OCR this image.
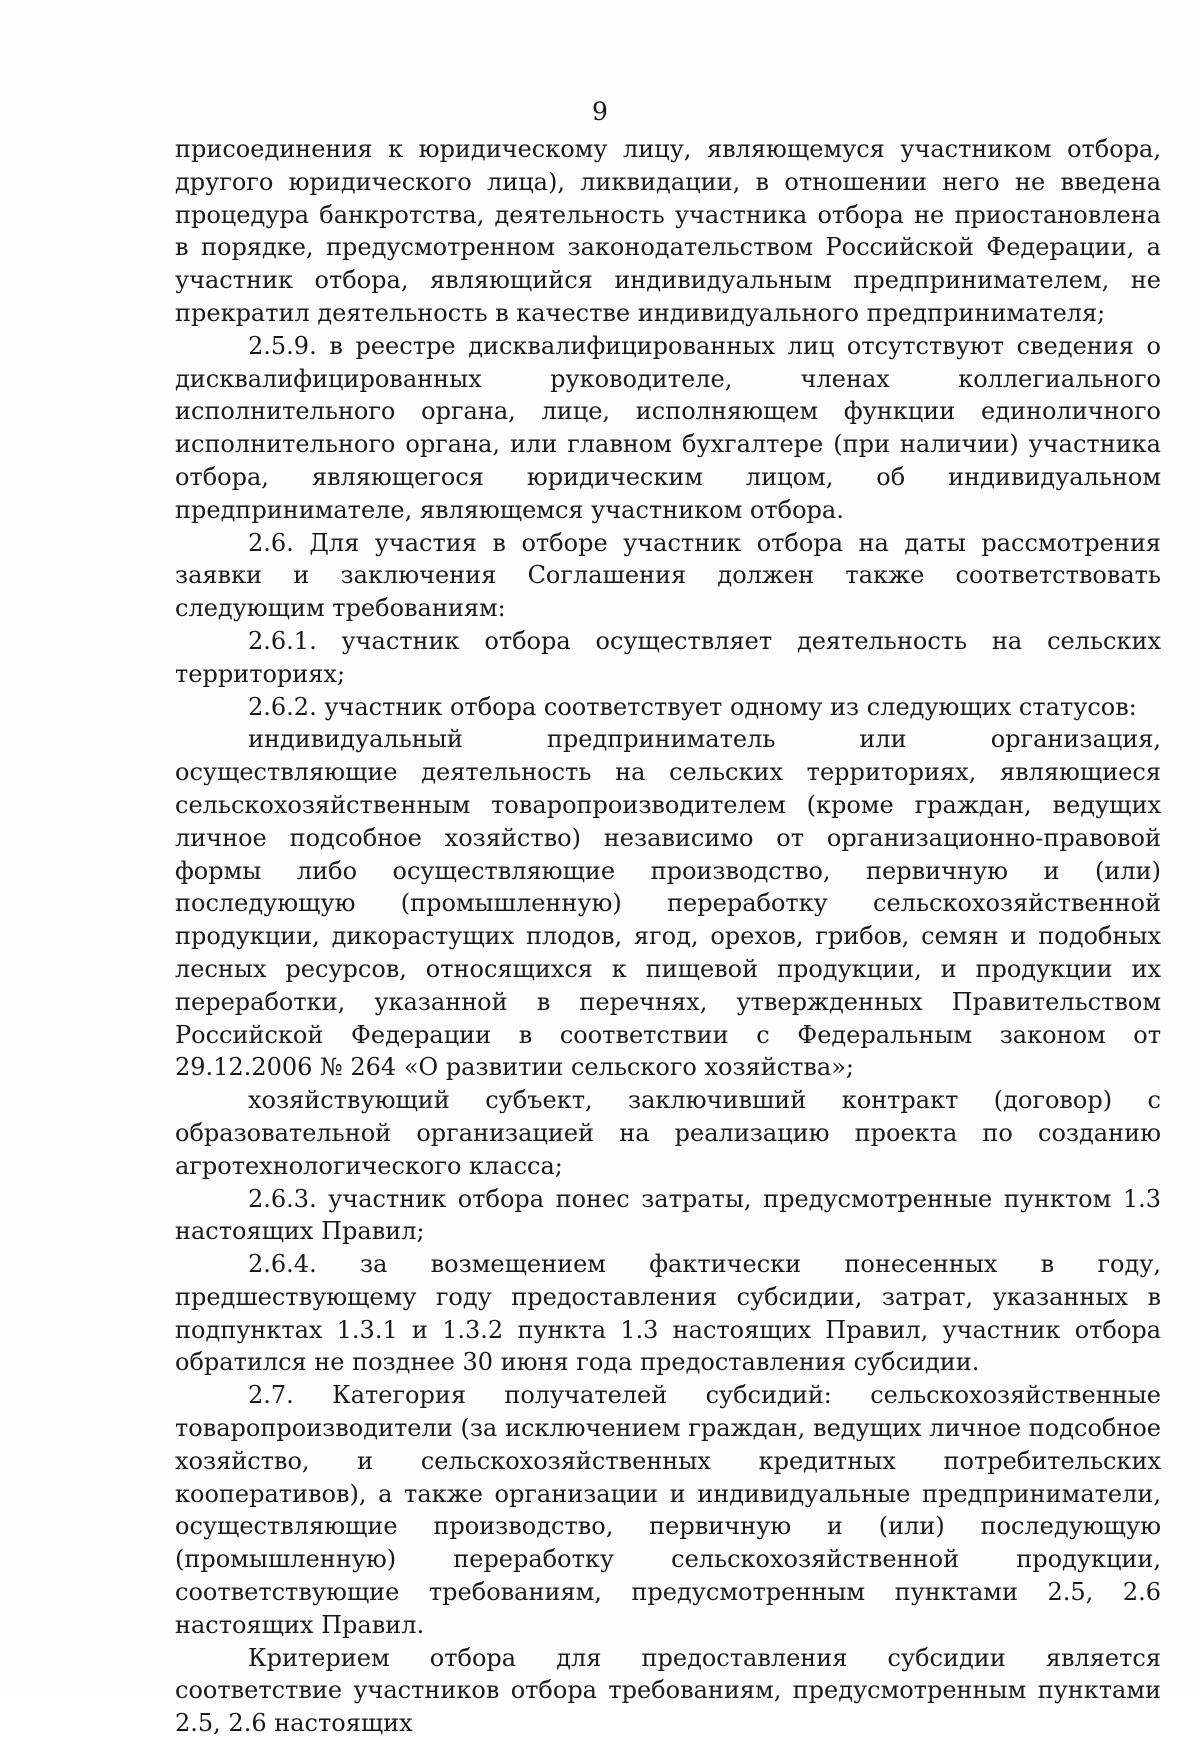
9

присоединения к юридическому лицу, являющемуся участником отбора, другого юридического лица), ликвидации, в отношении него не введена процедура банкротства, деятельность участника отбора не приостановлена в порядке, предусмотренном законодательством Российской Федерации, а участник отбора, являющийся индивидуальным предпринимателем, не прекратил деятельность в качестве индивидуального предпринимателя;

2.5.9. в реестре дисквалифицированных лиц отсутствуют сведения о дисквалифицированных руководителе, членах коллегиального исполнительного органа, лице, исполняющем функции единоличного исполнительного органа, или главном бухгалтере (при наличии) участника отбора, являющегося юридическим лицом, об индивидуальном предпринимателе, являющемся участником отбора.

2.6. Для участия в отборе участник отбора на даты рассмотрения заявки и заключения Соглашения должен также соответствовать следующим требованиям:

2.6.1. участник отбора осуществляет деятельность на сельских территориях;

2.6.2. участник отбора соответствует одному из следующих статусов:

индивидуальный предприниматель или организация, осуществляющие деятельность на сельских территориях, являющиеся сельскохозяйственным товаропроизводителем (кроме граждан, ведущих личное подсобное хозяйство) независимо от организационно-правовой формы либо осуществляющие производство, первичную и (или) последующую (промышленную) переработку сельскохозяйственной продукции, дикорастущих плодов, ягод, орехов, грибов, семян и подобных лесных ресурсов, относящихся к пищевой продукции, и продукции их переработки, указанной в перечнях, утвержденных Правительством Российской Федерации в соответствии с Федеральным законом от 29.12.2006 № 264 «О развитии сельского хозяйства»;

хозяйствующий субъект, заключивший контракт (договор) с образовательной организацией на реализацию проекта по созданию агротехнологического класса;

2.6.3. участник отбора понес затраты, предусмотренные пунктом 1.3 настоящих Правил;

2.6.4. за возмещением фактически понесенных в году, предшествующему году предоставления субсидии, затрат, указанных в подпунктах 1.3.1 и 1.3.2 пункта 1.3 настоящих Правил, участник отбора обратился не позднее 30 июня года предоставления субсидии.

2.7. Категория получателей субсидий: сельскохозяйственные товаропроизводители (за исключением граждан, ведущих личное подсобное хозяйство, и сельскохозяйственных кредитных потребительских кооперативов), а также организации и индивидуальные предприниматели, осуществляющие производство, первичную и (или) последующую (промышленную) переработку сельскохозяйственной продукции, соответствующие требованиям, предусмотренным пунктами 2.5, 2.6 настоящих Правил.

Критерием отбора для предоставления субсидии является соответствие участников отбора требованиям, предусмотренным пунктами 2.5, 2.6 настоящих
